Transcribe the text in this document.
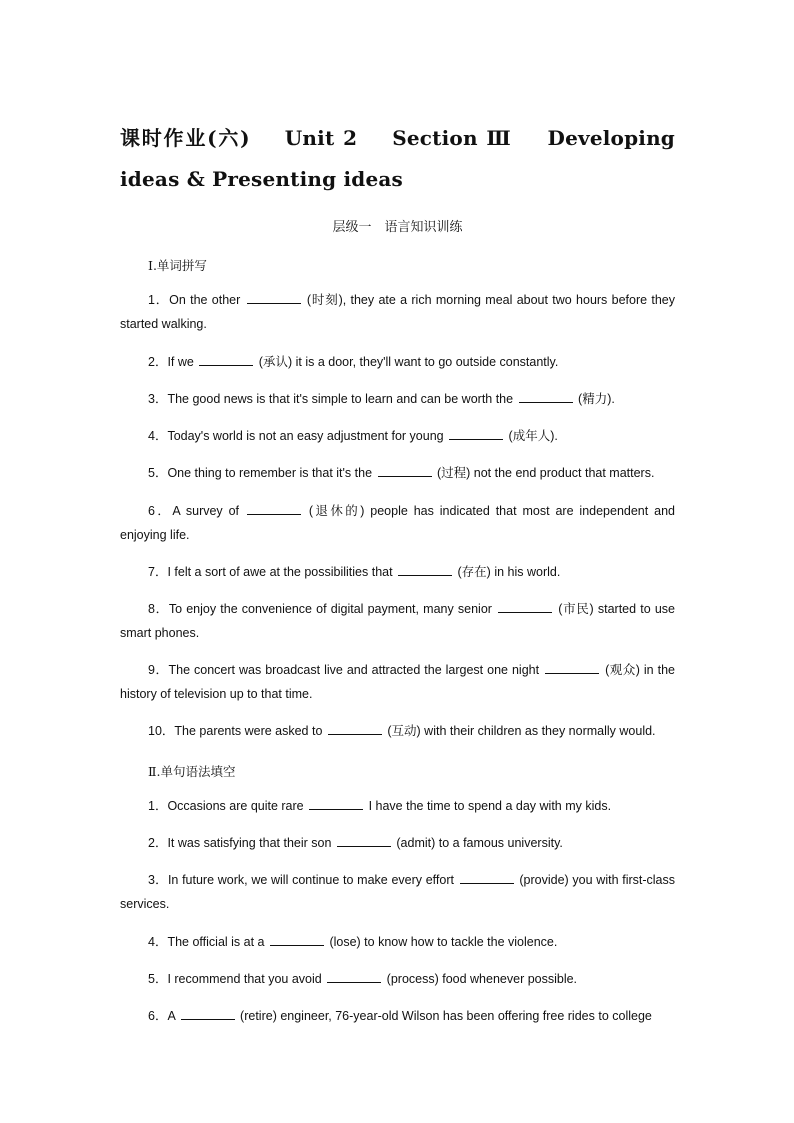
课时作业(六)    Unit 2    Section Ⅲ    Developing ideas & Presenting ideas
层级一　语言知识训练
Ⅰ.单词拼写
1．On the other	(时刻), they ate a rich morning meal about two hours before they started walking.
2．If we	(承认) it is a door, they'll want to go outside constantly.
3．The good news is that it's simple to learn and can be worth the	(精力).
4．Today's world is not an easy adjustment for young	(成年人).
5．One thing to remember is that it's the	(过程) not the end product that matters.
6．A survey of	(退休的) people has indicated that most are independent and enjoying life.
7．I felt a sort of awe at the possibilities that	(存在) in his world.
8．To enjoy the convenience of digital payment, many senior	(市民) started to use smart phones.
9．The concert was broadcast live and attracted the largest one night	(观众) in the history of television up to that time.
10．The parents were asked to	(互动) with their children as they normally would.
Ⅱ.单句语法填空
1．Occasions are quite rare	I have the time to spend a day with my kids.
2．It was satisfying that their son	(admit) to a famous university.
3．In future work, we will continue to make every effort	(provide) you with first-class services.
4．The official is at a	(lose) to know how to tackle the violence.
5．I recommend that you avoid	(process) food whenever possible.
6．A	(retire) engineer, 76-year-old Wilson has been offering free rides to college
